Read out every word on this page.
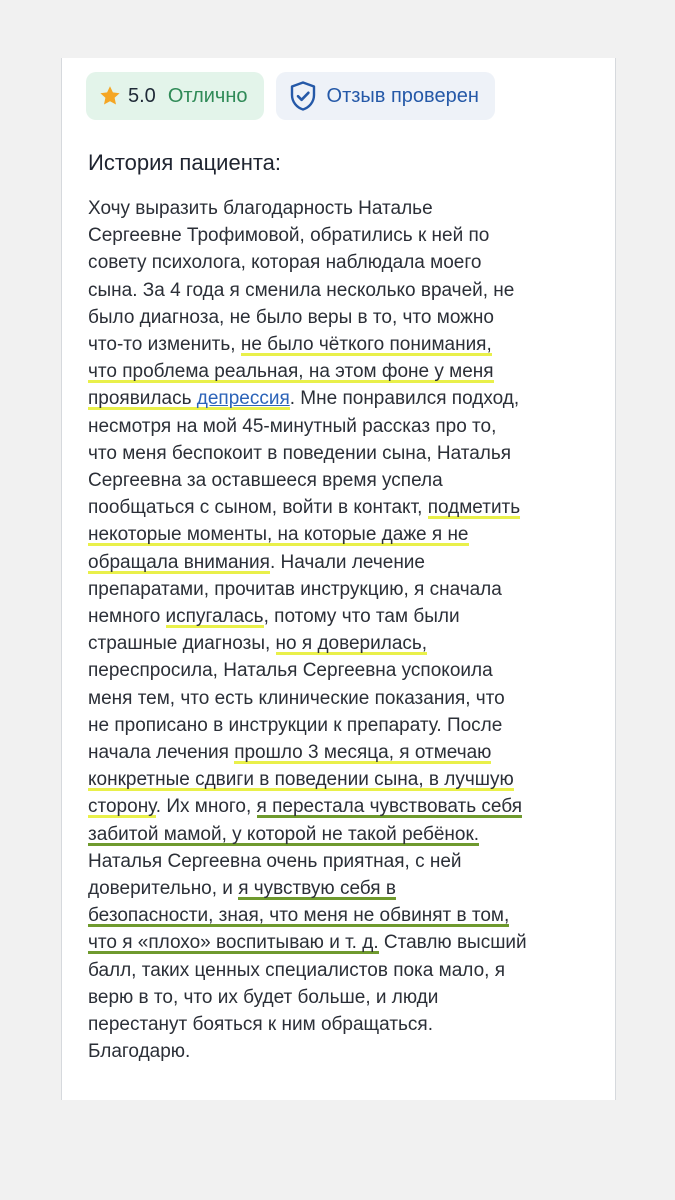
5.0 Отлично	Отзыв проверен
История пациента:
Хочу выразить благодарность Наталье
Сергеевне Трофимовой, обратились к ней по
совету психолога, которая наблюдала моего
сына. За 4 года я сменила несколько врачей, не
было диагноза, не было веры в то, что можно
что-то изменить, не было чёткого понимания,
что проблема реальная, на этом фоне у меня
проявилась депрессия. Мне понравился подход,
несмотря на мой 45-минутный рассказ про то,
что меня беспокоит в поведении сына, Наталья
Сергеевна за оставшееся время успела
пообщаться с сыном, войти в контакт, подметить
некоторые моменты, на которые даже я не
обращала внимания. Начали лечение
препаратами, прочитав инструкцию, я сначала
немного испугалась, потому что там были
страшные диагнозы, но я доверилась,
переспросила, Наталья Сергеевна успокоила
меня тем, что есть клинические показания, что
не прописано в инструкции к препарату. После
начала лечения прошло 3 месяца, я отмечаю
конкретные сдвиги в поведении сына, в лучшую
сторону. Их много, я перестала чувствовать себя
забитой мамой, у которой не такой ребёнок.
Наталья Сергеевна очень приятная, с ней
доверительно, и я чувствую себя в
безопасности, зная, что меня не обвинят в том,
что я «плохо» воспитываю и т. д. Ставлю высший
балл, таких ценных специалистов пока мало, я
верю в то, что их будет больше, и люди
перестанут бояться к ним обращаться.
Благодарю.
